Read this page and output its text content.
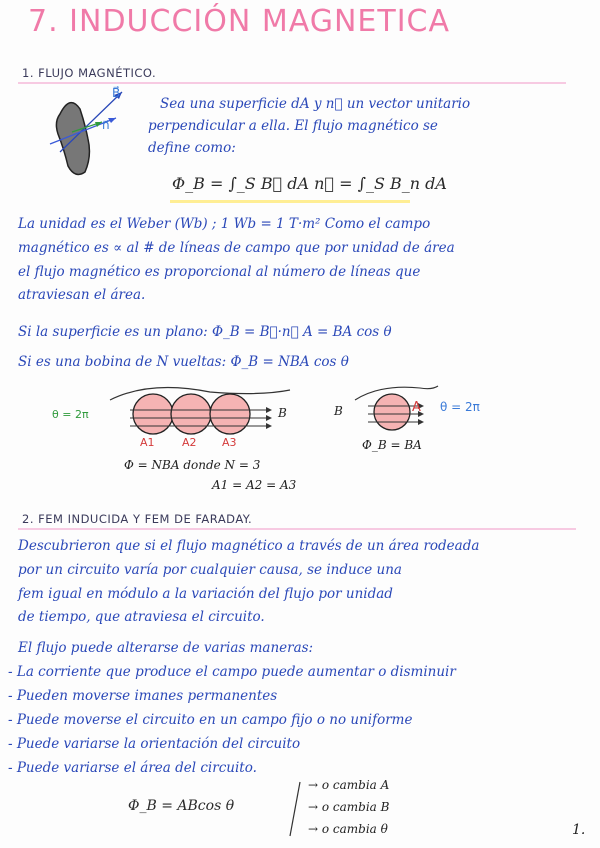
7. INDUCCIÓN MAGNETICA
1. FLUJO MAGNÉTICO.
B⃗
n⃗
Sea una superficie dA y n⃗ un vector unitario
perpendicular a ella. El flujo magnético se
define como:
Φ_B = ∫_S B⃗ dA n⃗ = ∫_S B_n dA
La unidad es el Weber (Wb) ; 1 Wb = 1 T·m² Como el campo
magnético es ∝ al # de líneas de campo que por unidad de área
el flujo magnético es proporcional al número de líneas que
atraviesan el área.
Si la superficie es un plano: Φ_B = B⃗·n⃗ A = BA cos θ
Si es una bobina de N vueltas: Φ_B = NBA cos θ
θ = 2π	B
A1 A2 A3
Φ = NBA donde N = 3
A1 = A2 = A3
B	A θ = 2π
Φ_B = BA
2. FEM INDUCIDA Y FEM DE FARADAY.
Descubrieron que si el flujo magnético a través de un área rodeada
por un circuito varía por cualquier causa, se induce una
fem igual en módulo a la variación del flujo por unidad
de tiempo, que atraviesa el circuito.
El flujo puede alterarse de varias maneras:
- La corriente que produce el campo puede aumentar o disminuir
- Pueden moverse imanes permanentes
- Puede moverse el circuito en un campo fijo o no uniforme
- Puede variarse la orientación del circuito
- Puede variarse el área del circuito.
Φ_B = ABcos θ
→ o cambia A
→ o cambia B
→ o cambia θ	1.
